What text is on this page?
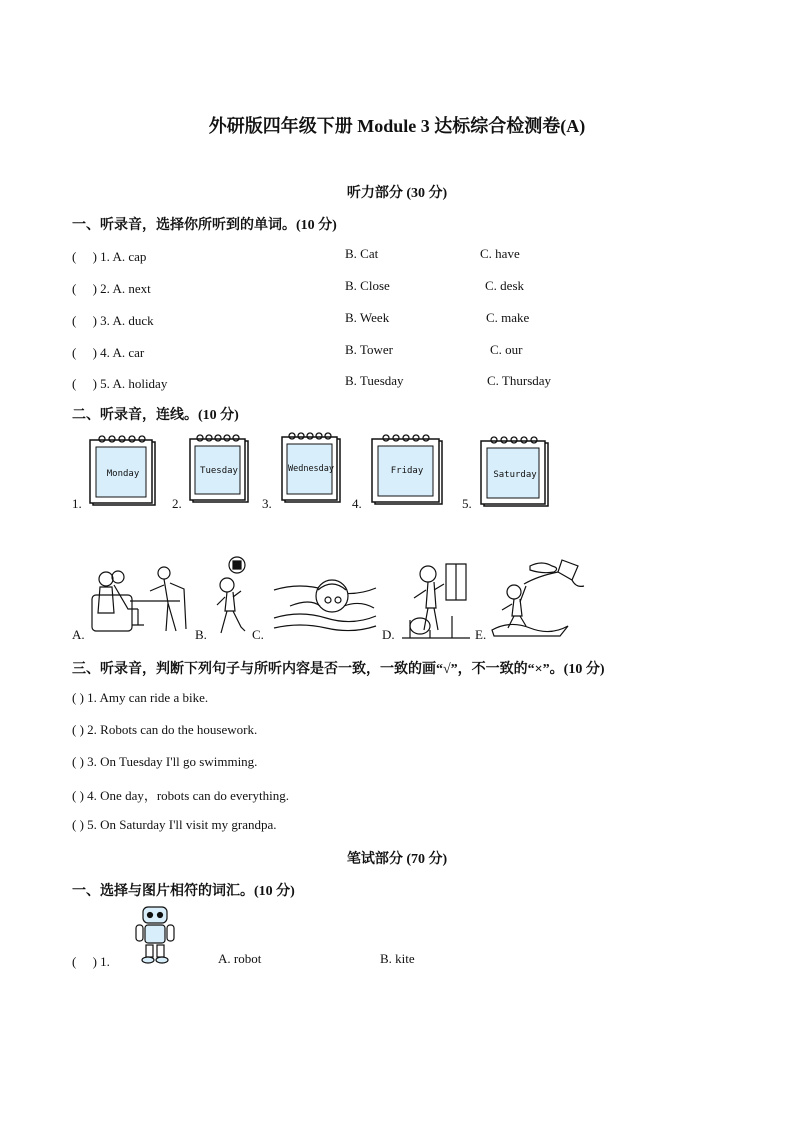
外研版四年级下册 Module 3 达标综合检测卷(A)
听力部分 (30 分)
一、听录音，选择你所听到的单词。(10 分)
(　 ) 1. A. cap	B. Cat	C. have
(　 ) 2. A. next	B. Close	C. desk
(　 ) 3. A. duck	B. Week	C. make
(　 ) 4. A. car	B. Tower	C. our
(　 ) 5. A. holiday	B. Tuesday	C. Thursday
二、听录音，连线。(10 分)
1.
Monday
2.
Tuesday
3.
Wednesday
4.
Friday
5.
Saturday
A.	B.	C.	D.	E.
三、听录音，判断下列句子与所听内容是否一致，一致的画“√”，不一致的“×”。(10 分)
( ) 1. Amy can ride a bike.
( ) 2. Robots can do the housework.
( ) 3. On Tuesday I'll go swimming.
( ) 4. One day，robots can do everything.
( ) 5. On Saturday I'll visit my grandpa.
笔试部分 (70 分)
一、选择与图片相符的词汇。(10 分)
(　 ) 1.	A. robot	B. kite
